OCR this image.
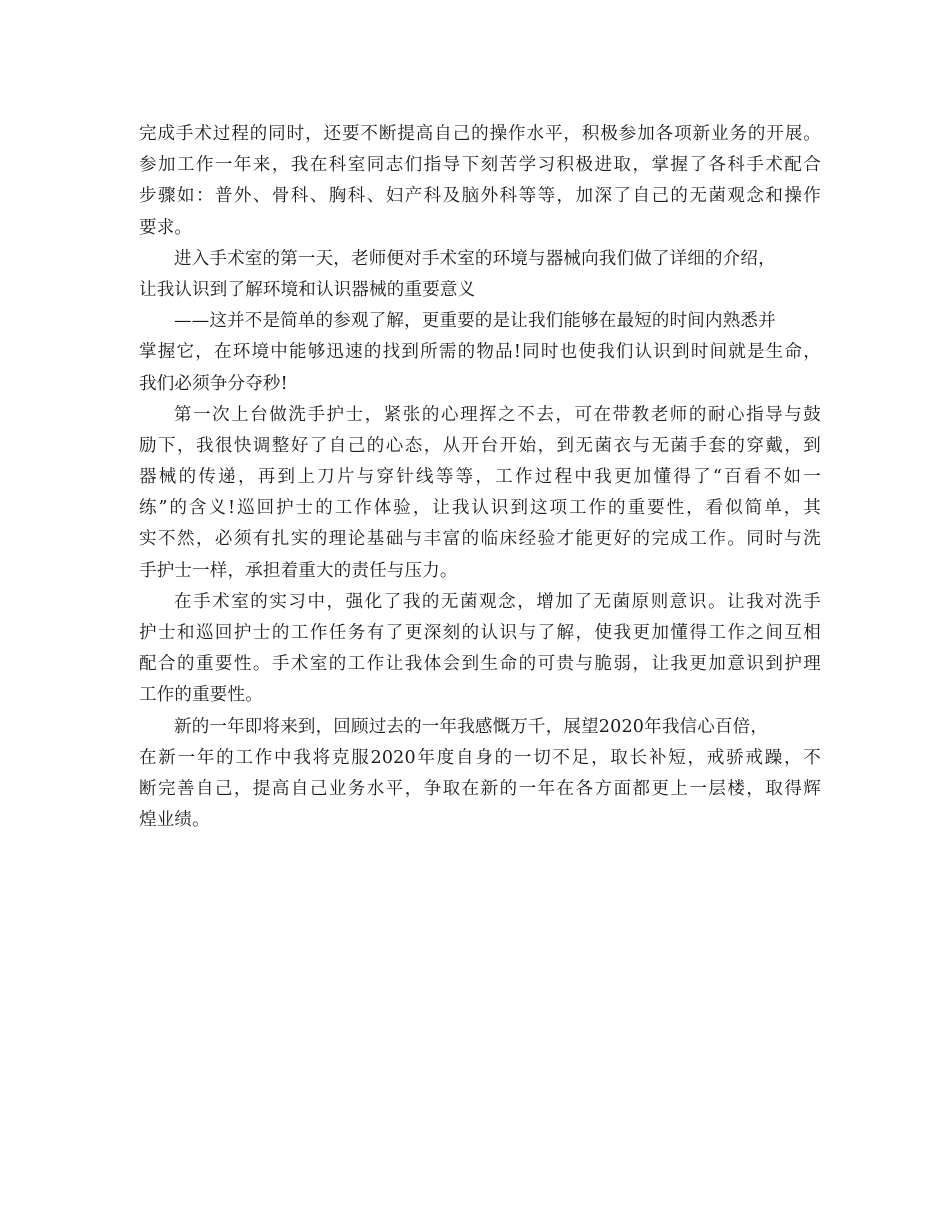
完成手术过程的同时，还要不断提高自己的操作水平，积极参加各项新业务的开展。
参加工作一年来，我在科室同志们指导下刻苦学习积极进取，掌握了各科手术配合
步骤如：普外、骨科、胸科、妇产科及脑外科等等，加深了自己的无菌观念和操作
要求。
进入手术室的第一天，老师便对手术室的环境与器械向我们做了详细的介绍，
让我认识到了解环境和认识器械的重要意义
——这并不是简单的参观了解，更重要的是让我们能够在最短的时间内熟悉并
掌握它，在环境中能够迅速的找到所需的物品!同时也使我们认识到时间就是生命，
我们必须争分夺秒!
第一次上台做洗手护士，紧张的心理挥之不去，可在带教老师的耐心指导与鼓
励下，我很快调整好了自己的心态，从开台开始，到无菌衣与无菌手套的穿戴，到
器械的传递，再到上刀片与穿针线等等，工作过程中我更加懂得了“百看不如一
练”的含义!巡回护士的工作体验，让我认识到这项工作的重要性，看似简单，其
实不然，必须有扎实的理论基础与丰富的临床经验才能更好的完成工作。同时与洗
手护士一样，承担着重大的责任与压力。
在手术室的实习中，强化了我的无菌观念，增加了无菌原则意识。让我对洗手
护士和巡回护士的工作任务有了更深刻的认识与了解，使我更加懂得工作之间互相
配合的重要性。手术室的工作让我体会到生命的可贵与脆弱，让我更加意识到护理
工作的重要性。
新的一年即将来到，回顾过去的一年我感慨万千，展望2020年我信心百倍，
在新一年的工作中我将克服2020年度自身的一切不足，取长补短，戒骄戒躁，不
断完善自己，提高自己业务水平，争取在新的一年在各方面都更上一层楼，取得辉
煌业绩。
